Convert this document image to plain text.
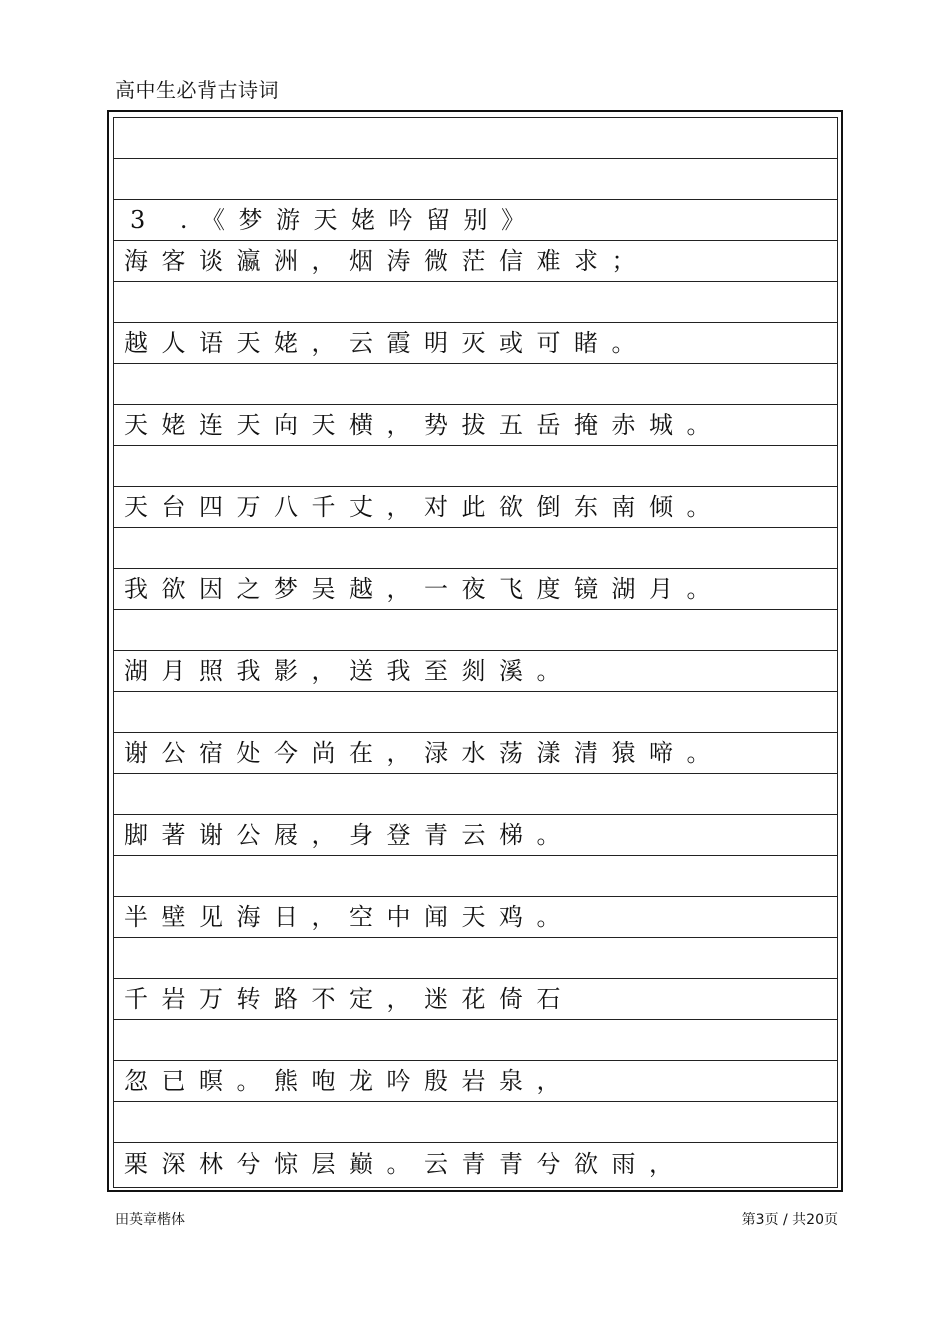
高中生必背古诗词
3 .《梦游天姥吟留别》
海客谈瀛洲，烟涛微茫信难求；
越人语天姥，云霞明灭或可睹。
天姥连天向天横，势拔五岳掩赤城。
天台四万八千丈，对此欲倒东南倾。
我欲因之梦吴越，一夜飞度镜湖月。
湖月照我影，送我至剡溪。
谢公宿处今尚在，渌水荡漾清猿啼。
脚著谢公屐，身登青云梯。
半壁见海日，空中闻天鸡。
千岩万转路不定，迷花倚石
忽已暝。熊咆龙吟殷岩泉，
栗深林兮惊层巅。云青青兮欲雨，
田英章楷体	第3页 / 共20页
